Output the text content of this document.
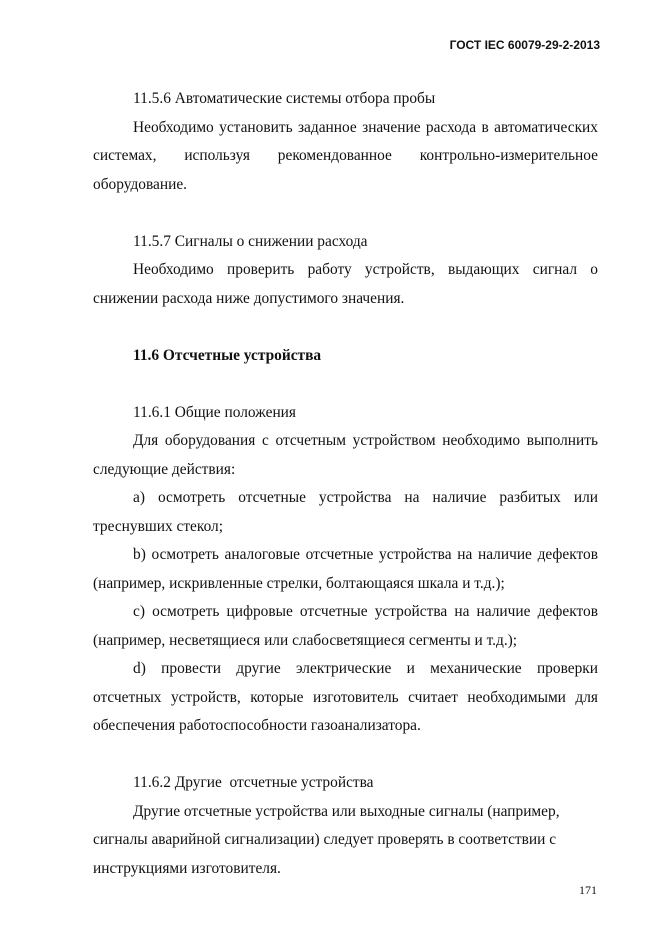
ГОСТ IEC 60079-29-2-2013

11.5.6 Автоматические системы отбора пробы

Необходимо установить заданное значение расхода в автоматических системах, используя рекомендованное контрольно-измерительное оборудование.

11.5.7 Сигналы о снижении расхода

Необходимо проверить работу устройств, выдающих сигнал о снижении расхода ниже допустимого значения.

11.6 Отсчетные устройства

11.6.1 Общие положения

Для оборудования с отсчетным устройством необходимо выполнить следующие действия:

a) осмотреть отсчетные устройства на наличие разбитых или треснувших стекол;

b) осмотреть аналоговые отсчетные устройства на наличие дефектов (например, искривленные стрелки, болтающаяся шкала и т.д.);

c) осмотреть цифровые отсчетные устройства на наличие дефектов (например, несветящиеся или слабосветящиеся сегменты и т.д.);

d) провести другие электрические и механические проверки отсчетных устройств, которые изготовитель считает необходимыми для обеспечения работоспособности газоанализатора.

11.6.2 Другие  отсчетные устройства

Другие отсчетные устройства или выходные сигналы (например,

сигналы аварийной сигнализации) следует проверять в соответствии с

инструкциями изготовителя.

171
